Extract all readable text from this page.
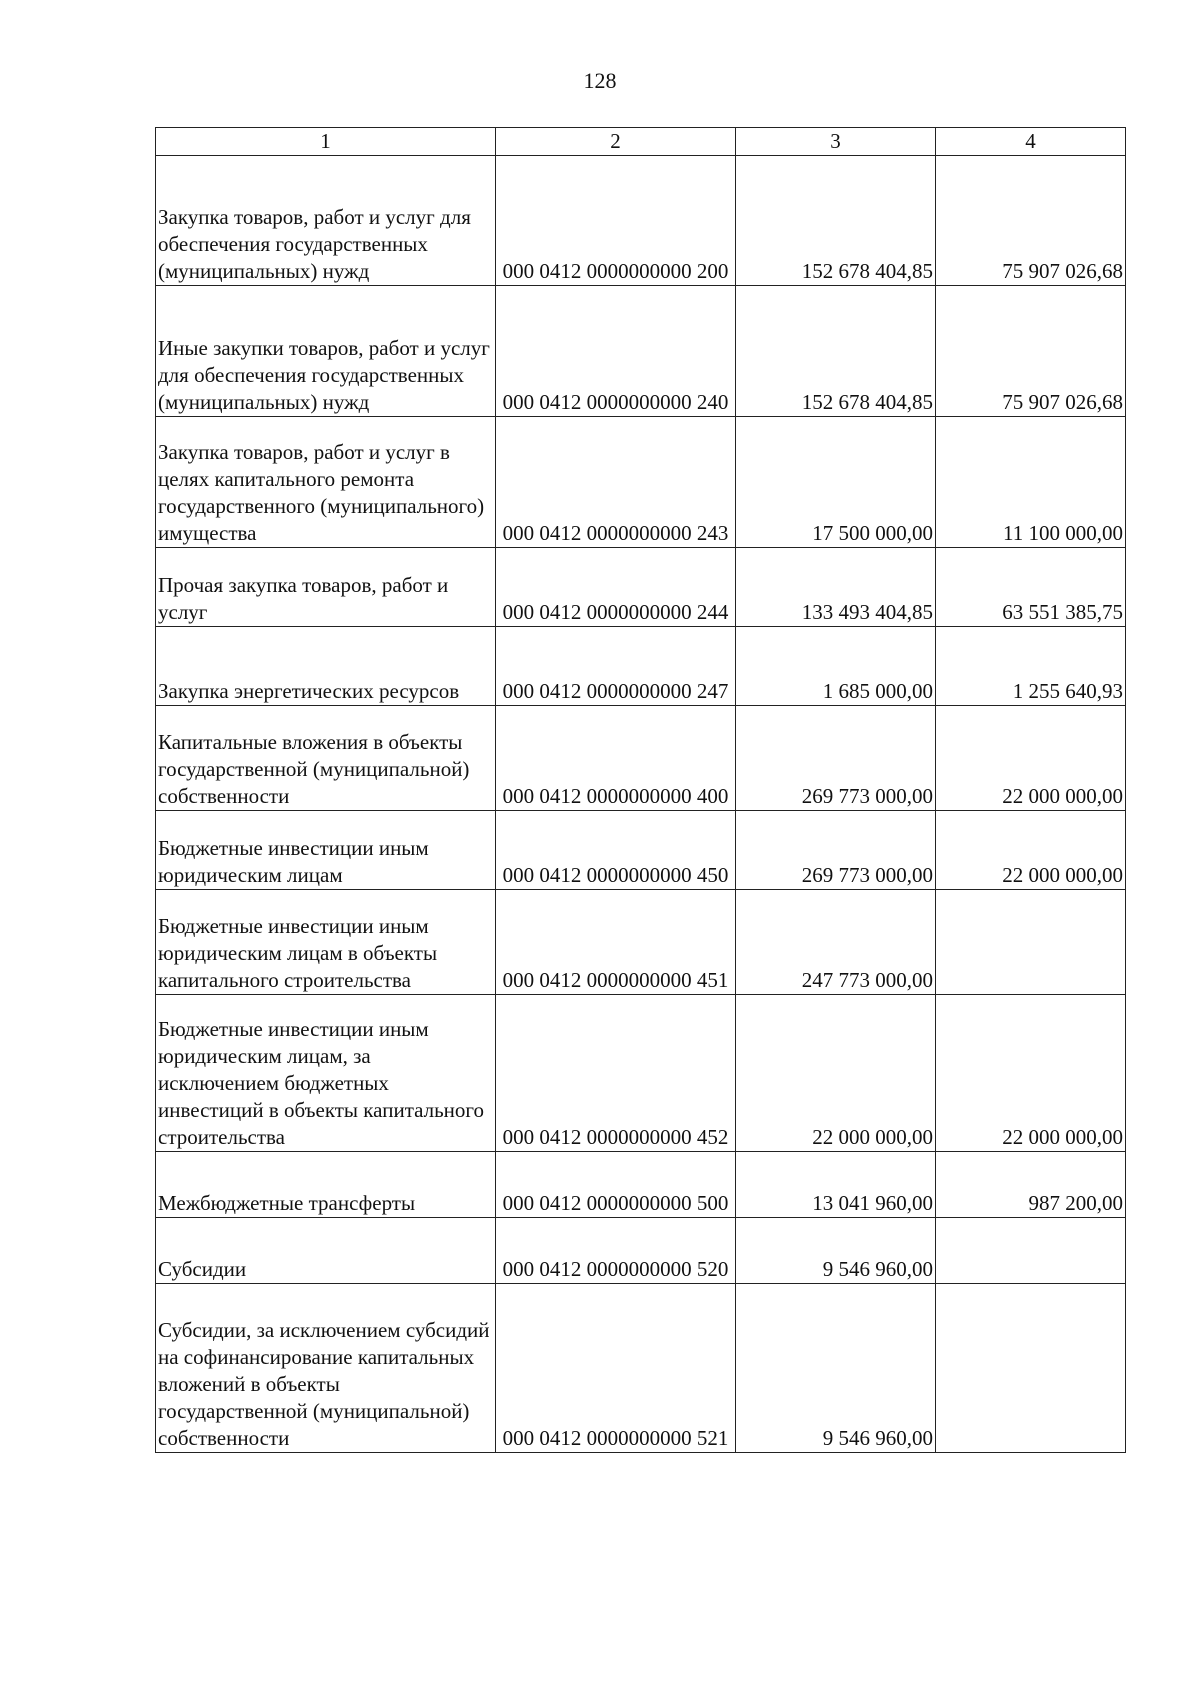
128
1	2	3	4
Закупка товаров, работ и услуг для обеспечения государственных (муниципальных) нужд	000 0412 0000000000 200	152 678 404,85	75 907 026,68
Иные закупки товаров, работ и услуг для обеспечения государственных (муниципальных) нужд	000 0412 0000000000 240	152 678 404,85	75 907 026,68
Закупка товаров, работ и услуг в целях капитального ремонта государственного (муниципального) имущества	000 0412 0000000000 243	17 500 000,00	11 100 000,00
Прочая закупка товаров, работ и услуг	000 0412 0000000000 244	133 493 404,85	63 551 385,75
Закупка энергетических ресурсов	000 0412 0000000000 247	1 685 000,00	1 255 640,93
Капитальные вложения в объекты государственной (муниципальной) собственности	000 0412 0000000000 400	269 773 000,00	22 000 000,00
Бюджетные инвестиции иным юридическим лицам	000 0412 0000000000 450	269 773 000,00	22 000 000,00
Бюджетные инвестиции иным юридическим лицам в объекты капитального строительства	000 0412 0000000000 451	247 773 000,00	
Бюджетные инвестиции иным юридическим лицам, за исключением бюджетных инвестиций в объекты капитального строительства	000 0412 0000000000 452	22 000 000,00	22 000 000,00
Межбюджетные трансферты	000 0412 0000000000 500	13 041 960,00	987 200,00
Субсидии	000 0412 0000000000 520	9 546 960,00	
Субсидии, за исключением субсидий на софинансирование капитальных вложений в объекты государственной (муниципальной) собственности	000 0412 0000000000 521	9 546 960,00	
